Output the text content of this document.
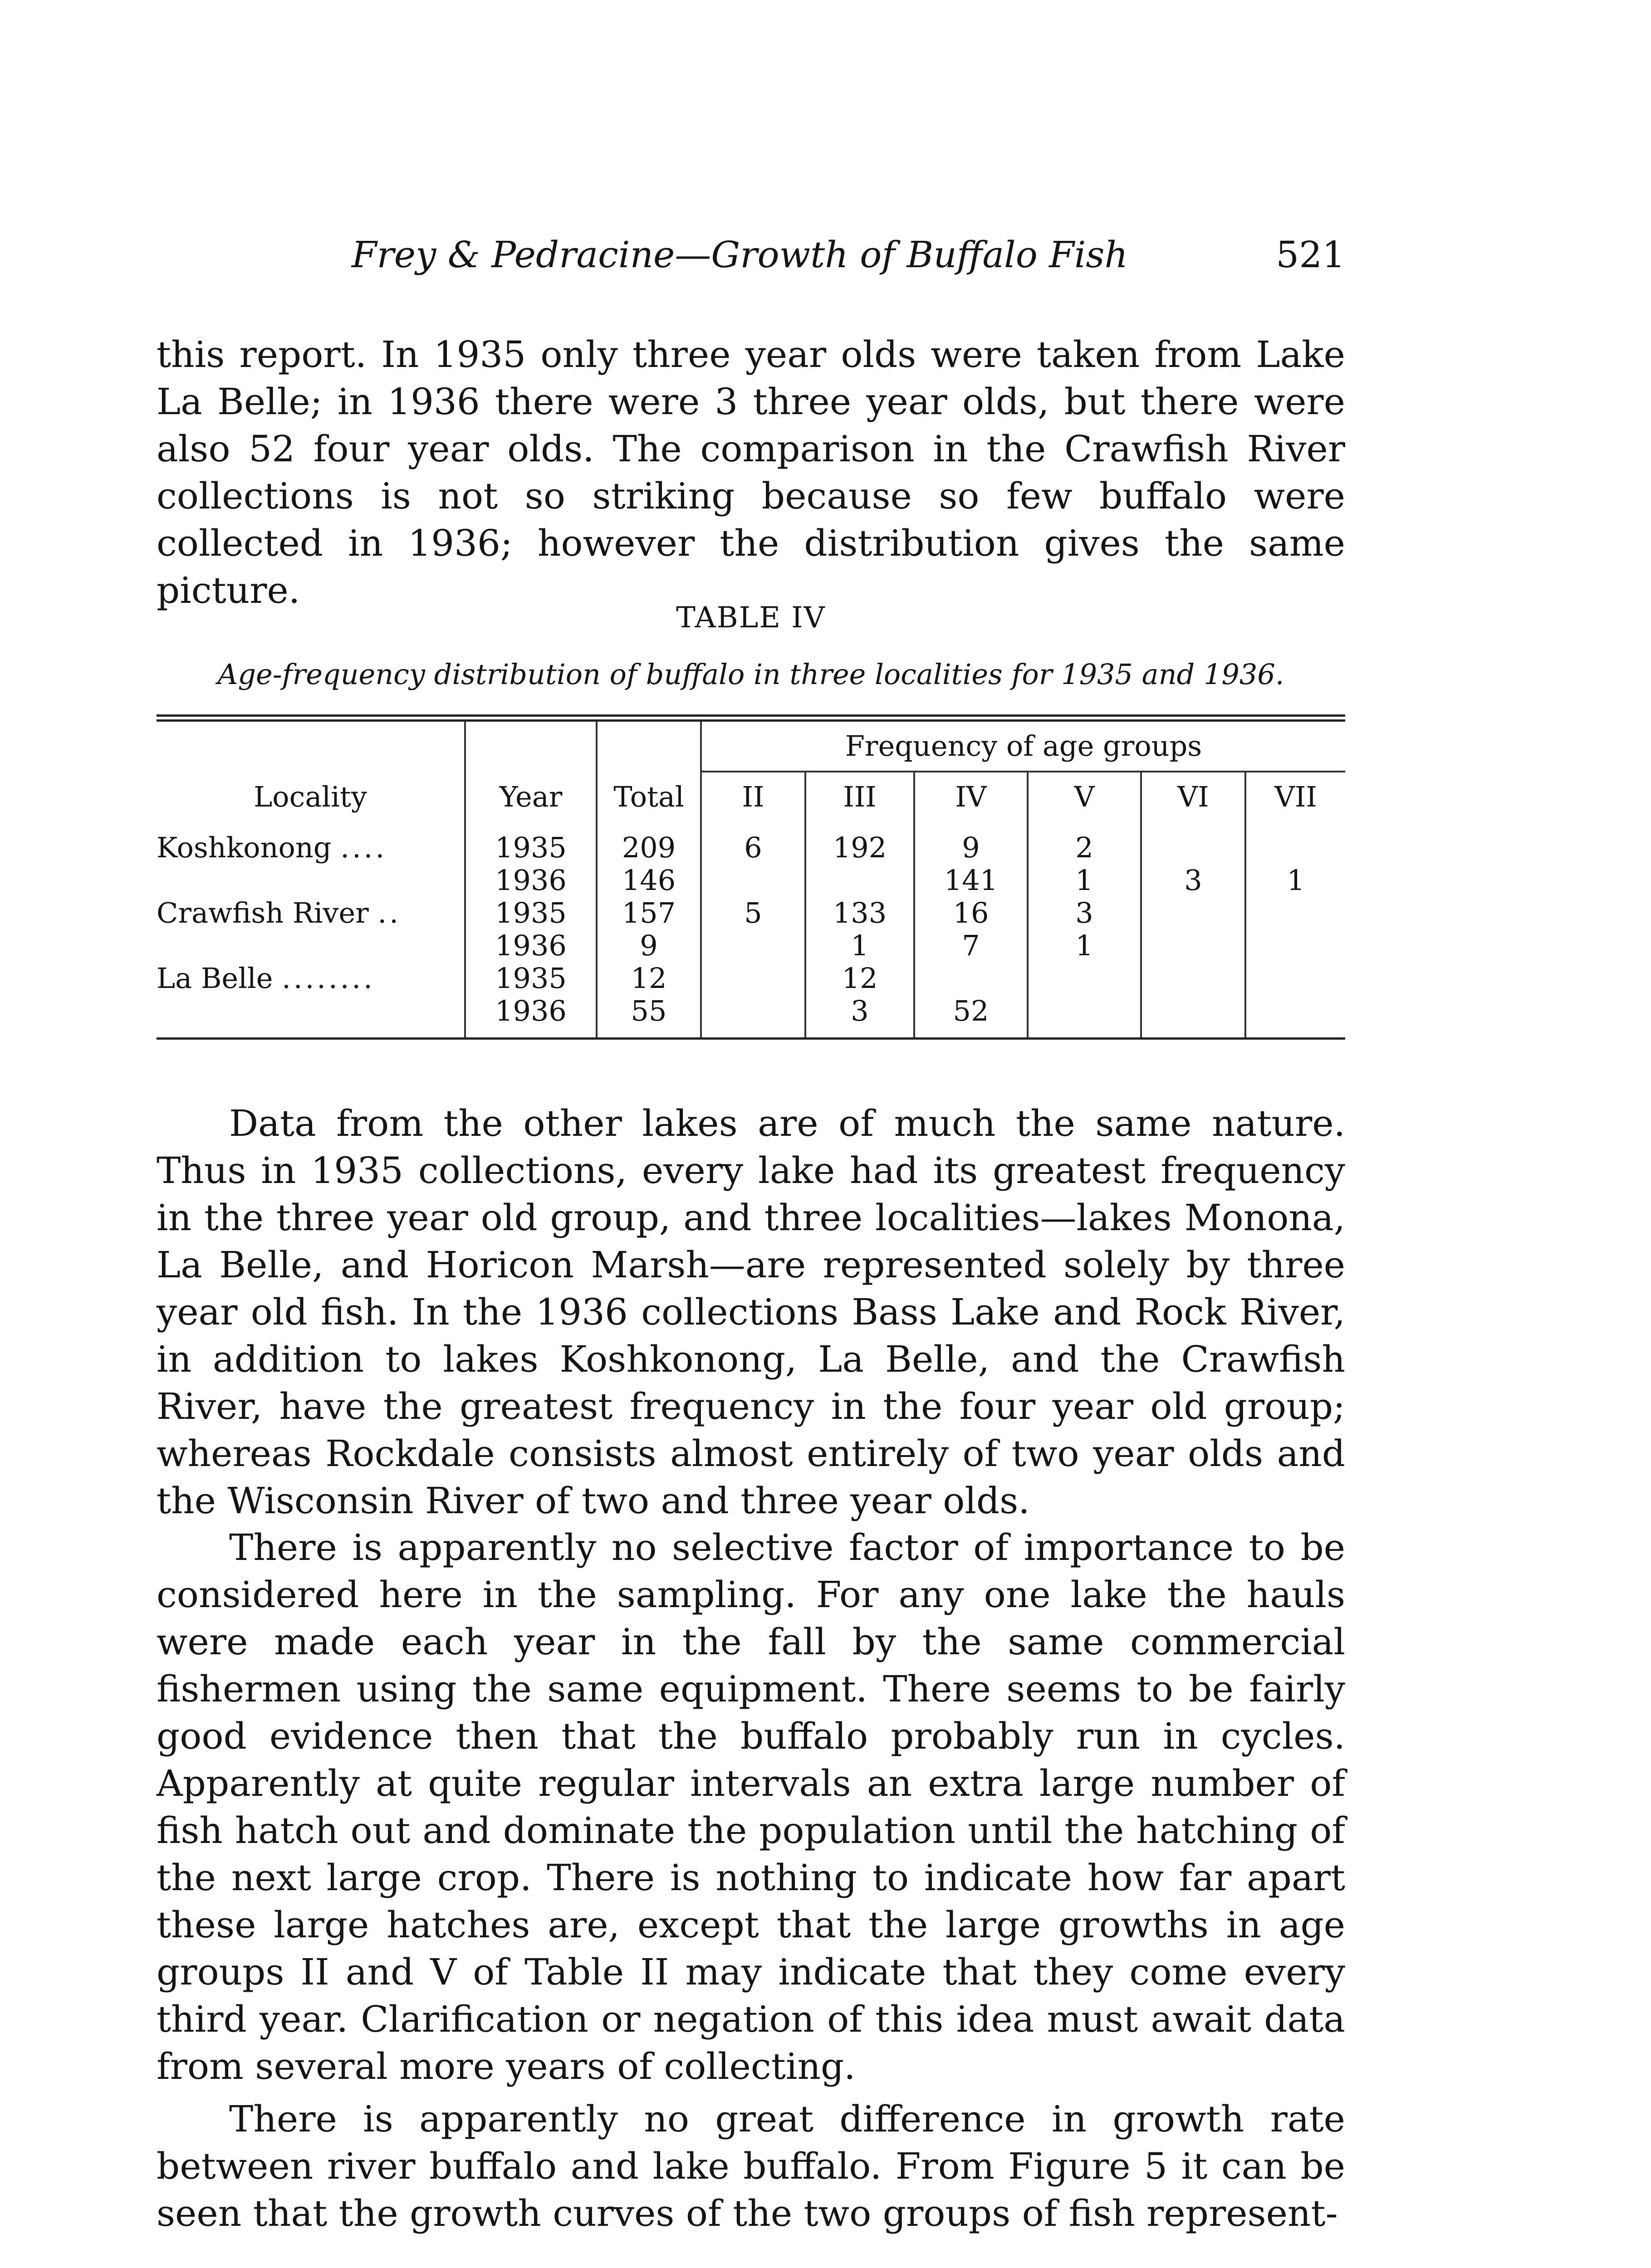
Frey & Pedracine—Growth of Buffalo Fish	521

this report. In 1935 only three year olds were taken from Lake La Belle; in 1936 there were 3 three year olds, but there were also 52 four year olds. The comparison in the Crawfish River collections is not so striking because so few buffalo were collected in 1936; however the distribution gives the same picture.

TABLE IV
Age-frequency distribution of buffalo in three localities for 1935 and 1936.
Locality	Year	Total	Frequency of age groups					
			II	III	IV	V	VI	VII
Koshkonong ....	1935	209	6	192	9	2		
	1936	146			141	1	3	1
Crawfish River ..	1935	157	5	133	16	3		
	1936	9		1	7	1		
La Belle ........	1935	12		12				
	1936	55		3	52			

Data from the other lakes are of much the same nature. Thus in 1935 collections, every lake had its greatest frequency in the three year old group, and three localities—lakes Monona, La Belle, and Horicon Marsh—are represented solely by three year old fish. In the 1936 collections Bass Lake and Rock River, in addition to lakes Koshkonong, La Belle, and the Crawfish River, have the greatest frequency in the four year old group; whereas Rockdale consists almost entirely of two year olds and the Wisconsin River of two and three year olds.

There is apparently no selective factor of importance to be considered here in the sampling. For any one lake the hauls were made each year in the fall by the same commercial fishermen using the same equipment. There seems to be fairly good evidence then that the buffalo probably run in cycles. Apparently at quite regular intervals an extra large number of fish hatch out and dominate the population until the hatching of the next large crop. There is nothing to indicate how far apart these large hatches are, except that the large growths in age groups II and V of Table II may indicate that they come every third year. Clarification or negation of this idea must await data from several more years of collecting.

There is apparently no great difference in growth rate between river buffalo and lake buffalo. From Figure 5 it can be seen that the growth curves of the two groups of fish represent-
